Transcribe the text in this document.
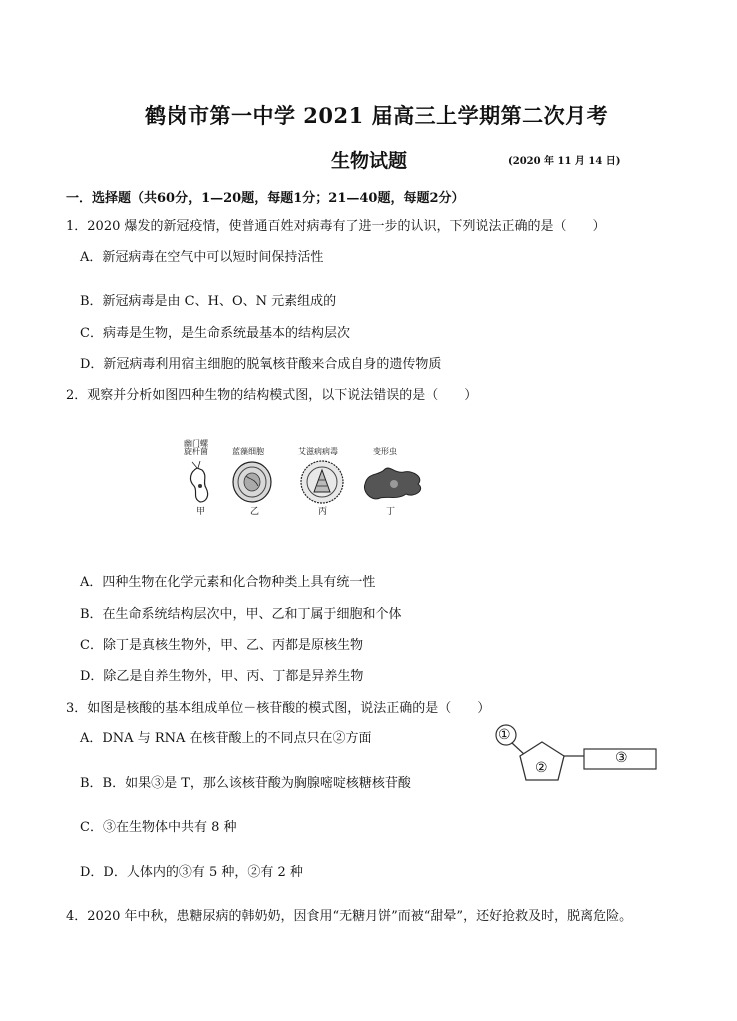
鹤岗市第一中学 2021 届高三上学期第二次月考
生物试题	(2020 年 11 月 14 日)
一．选择题（共60分，1—20题，每题1分；21—40题，每题2分）
1．2020 爆发的新冠疫情，使普通百姓对病毒有了进一步的认识，下列说法正确的是（　　）
A．新冠病毒在空气中可以短时间保持活性
B．新冠病毒是由 C、H、O、N 元素组成的
C．病毒是生物，是生命系统最基本的结构层次
D．新冠病毒利用宿主细胞的脱氧核苷酸来合成自身的遗传物质
2．观察并分析如图四种生物的结构模式图，以下说法错误的是（　　）
幽门螺旋杆菌	蓝藻细胞	艾滋病病毒	变形虫
甲	乙	丙	丁
A．四种生物在化学元素和化合物种类上具有统一性
B．在生命系统结构层次中，甲、乙和丁属于细胞和个体
C．除丁是真核生物外，甲、乙、丙都是原核生物
D．除乙是自养生物外，甲、丙、丁都是异养生物
3．如图是核酸的基本组成单位－核苷酸的模式图，说法正确的是（　　）
①
②
③
A．DNA 与 RNA 在核苷酸上的不同点只在②方面
B．B．如果③是 T，那么该核苷酸为胸腺嘧啶核糖核苷酸
C．③在生物体中共有 8 种
D．D．人体内的③有 5 种，②有 2 种
4．2020 年中秋，患糖尿病的韩奶奶，因食用“无糖月饼”而被“甜晕”，还好抢救及时，脱离危险。
